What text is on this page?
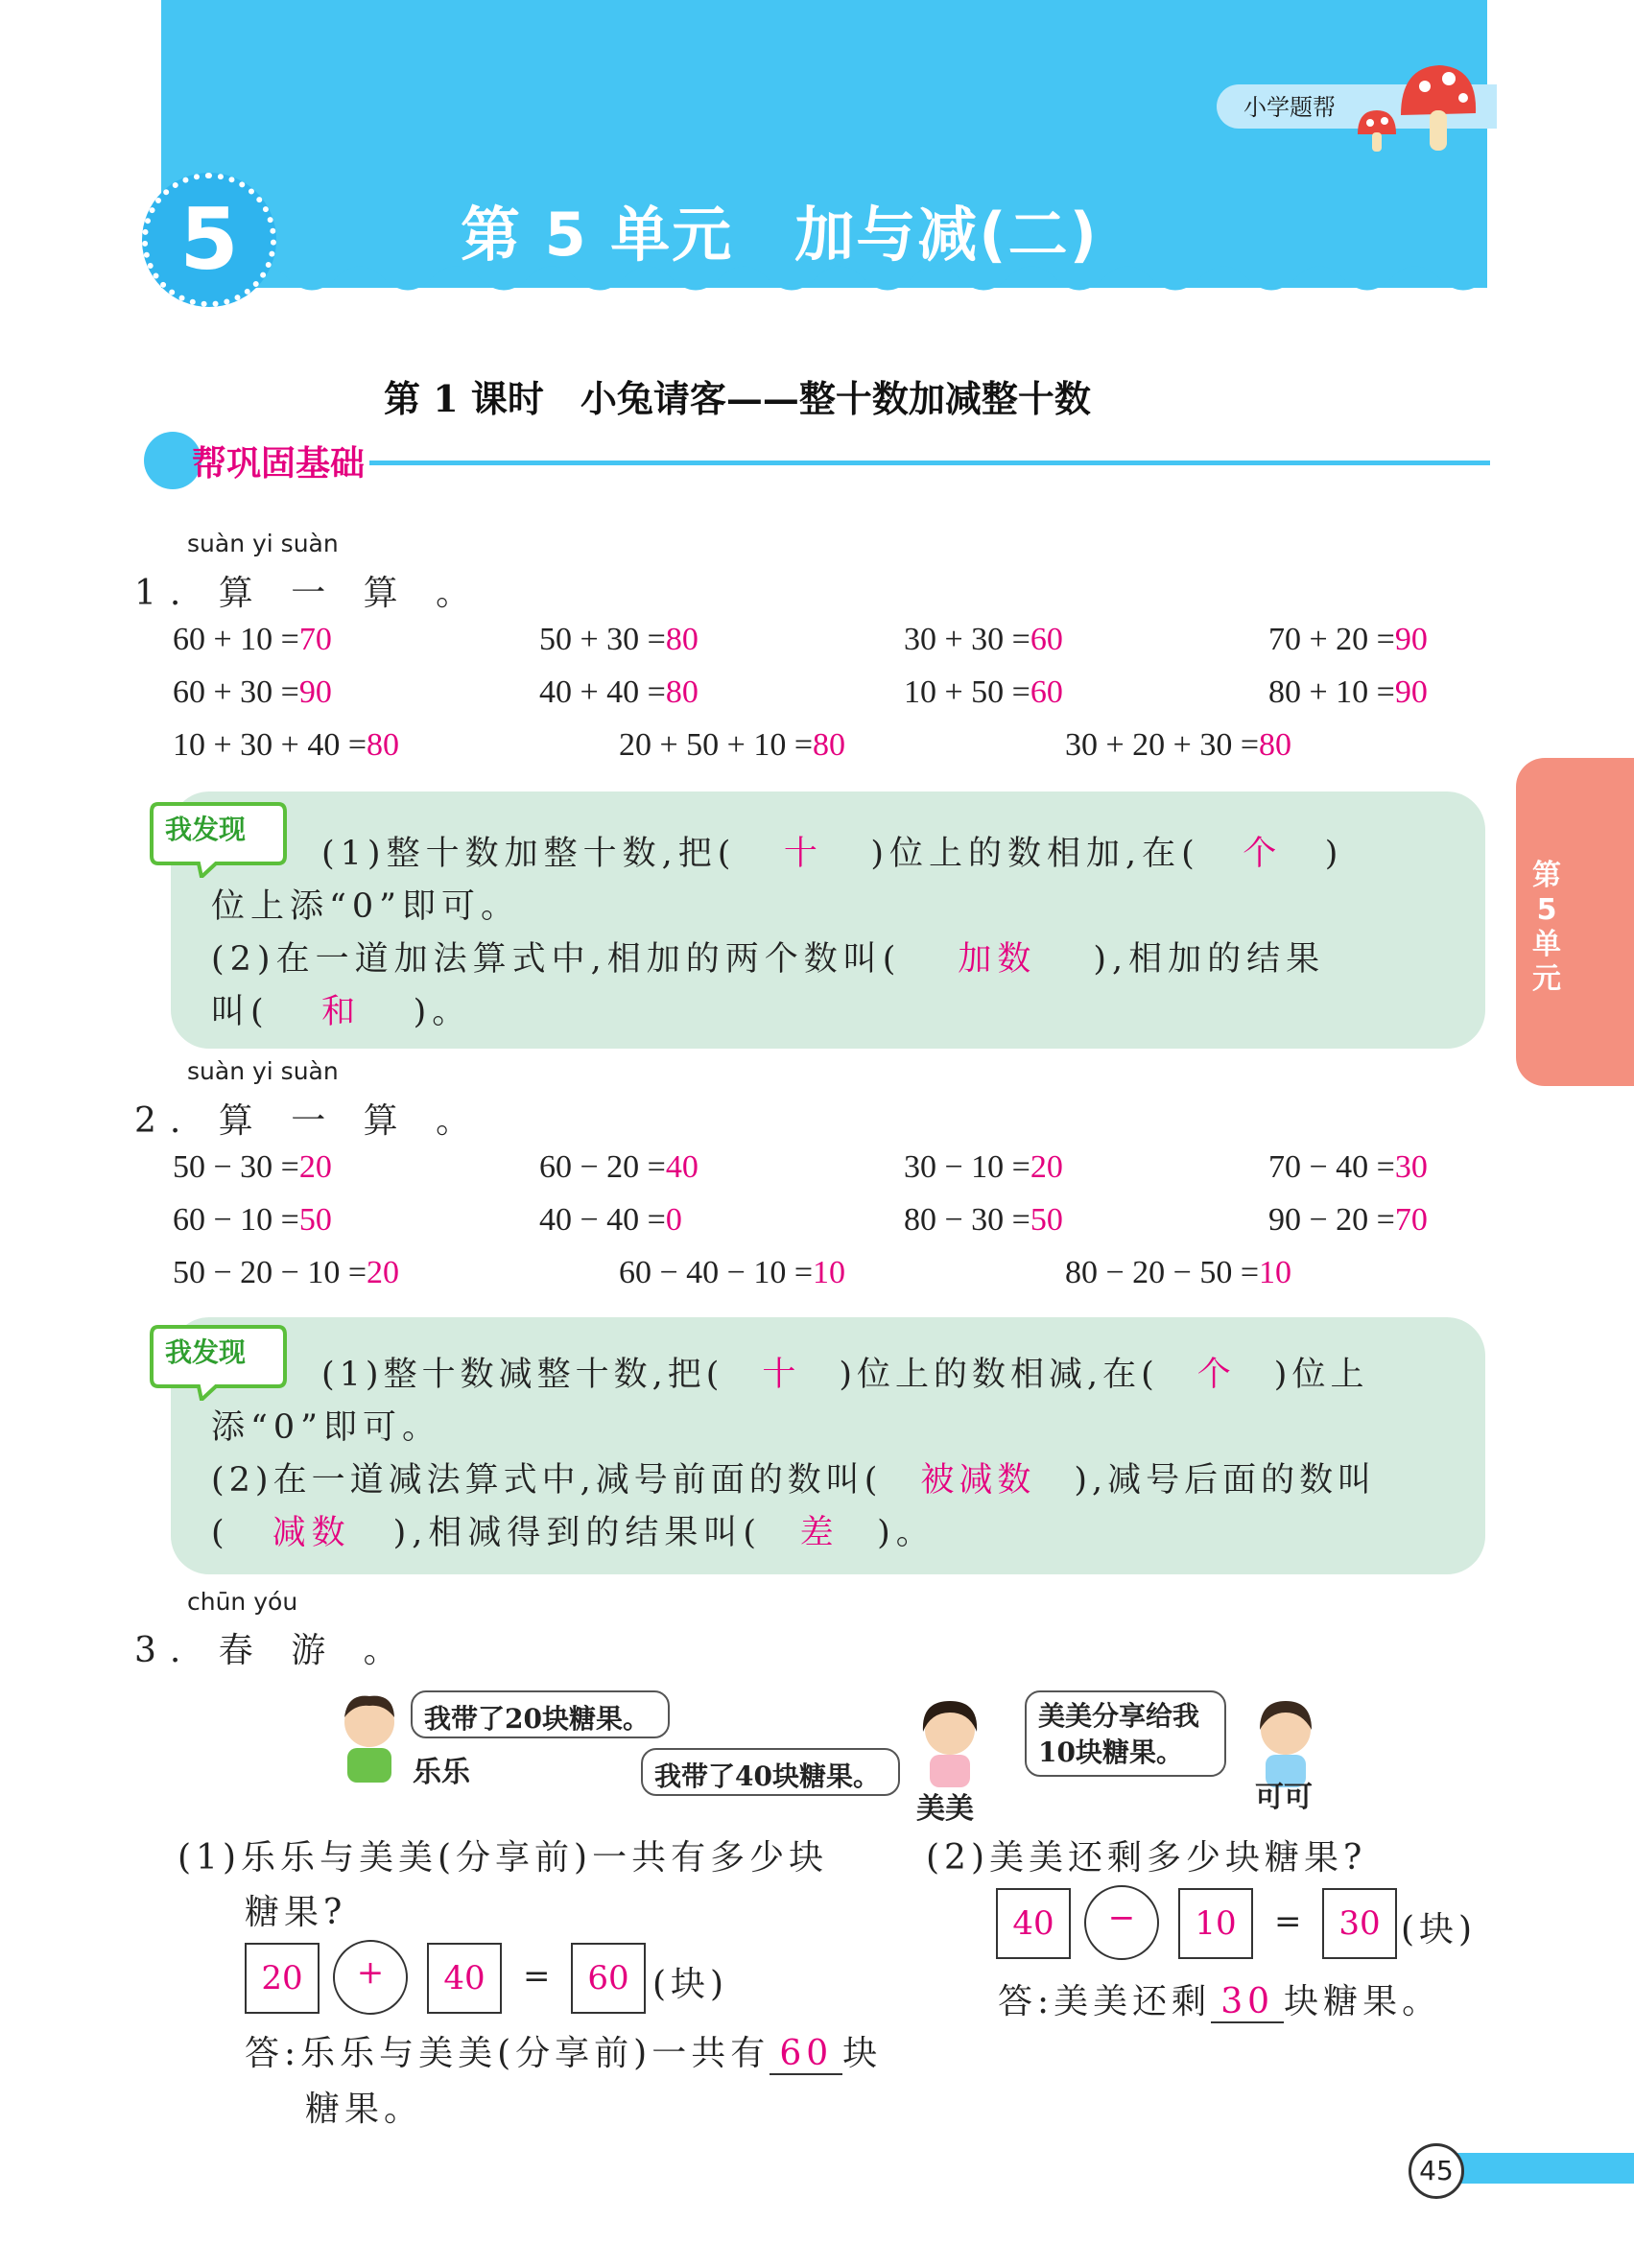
小学题帮
5	第 5 单元　加与减(二)
第 1 课时　小兔请客——整十数加减整十数
帮巩固基础
第5单元
suàn yi suàn
1. 算 一 算 。
60 + 10 =70	50 + 30 =80	30 + 30 =60	70 + 20 =90
60 + 30 =90	40 + 40 =80	10 + 50 =60	80 + 10 =90
10 + 30 + 40 =80	20 + 50 + 10 =80	30 + 20 + 30 =80
我发现
(1)整十数加整十数,把( 十 )位上的数相加,在( 个 )
位上添“0”即可。
(2)在一道加法算式中,相加的两个数叫( 加数 ),相加的结果
叫( 和 )。
suàn yi suàn
2. 算 一 算 。
50 − 30 =20	60 − 20 =40	30 − 10 =20	70 − 40 =30
60 − 10 =50	40 − 40 =0	80 − 30 =50	90 − 20 =70
50 − 20 − 10 =20	60 − 40 − 10 =10	80 − 20 − 50 =10
我发现
(1)整十数减整十数,把( 十 )位上的数相减,在( 个 )位上
添“0”即可。
(2)在一道减法算式中,减号前面的数叫( 被减数 ),减号后面的数叫
( 减数 ),相减得到的结果叫( 差 )。
chūn yóu
3. 春 游 。
我带了20块糖果。
乐乐	我带了40块糖果。
美美
美美分享给我
10块糖果。
可可
(1)乐乐与美美(分享前)一共有多少块
糖果?
20	+	40	=	60 (块)
答:乐乐与美美(分享前)一共有 60 块
糖果。
(2)美美还剩多少块糖果?
40	−	10	=	30 (块)
答:美美还剩 30 块糖果。
45
